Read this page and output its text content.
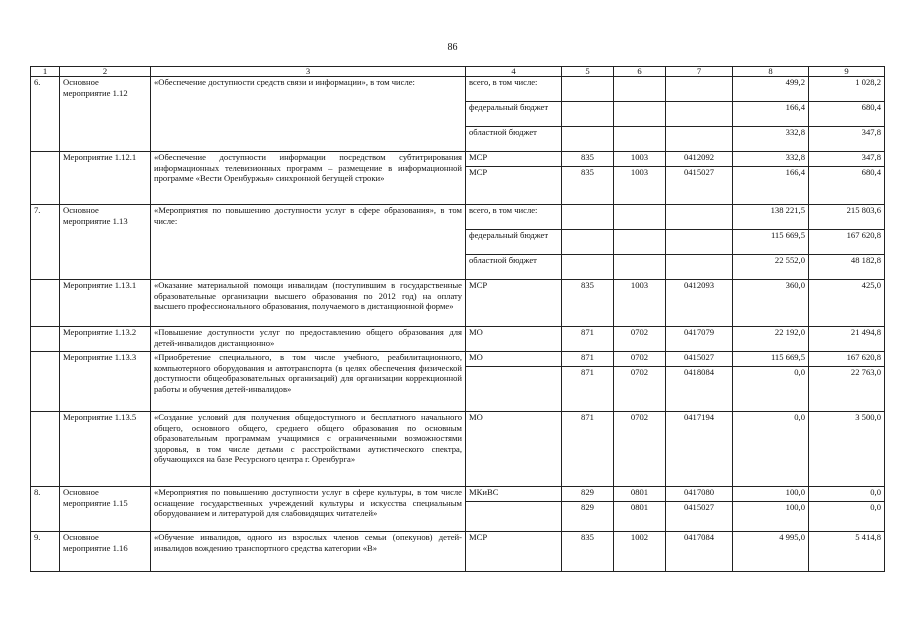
86
1	2	3	4	5	6	7	8	9
6.	Основное мероприятие 1.12	«Обеспечение доступности средств связи и информации», в том числе:	всего, в том числе:				499,2	1 028,2
			федеральный бюджет				166,4	680,4
			областной бюджет				332,8	347,8
	Мероприятие 1.12.1	«Обеспечение доступности информации посредством субтитрирования информационных телевизионных программ – размещение в информационной программе «Вести Оренбуржья» синхронной бегущей строки»	МСР	835	1003	0412092	332,8	347,8
			МСР	835	1003	0415027	166,4	680,4
7.	Основное мероприятие 1.13	«Мероприятия по повышению доступности услуг в сфере образования», в том числе:	всего, в том числе:				138 221,5	215 803,6
			федеральный бюджет				115 669,5	167 620,8
			областной бюджет				22 552,0	48 182,8
	Мероприятие 1.13.1	«Оказание материальной помощи инвалидам (поступившим в государственные образовательные организации высшего образования по 2012 год) на оплату высшего профессионального образования, получаемого в дистанционной форме»	МСР	835	1003	0412093	360,0	425,0
	Мероприятие 1.13.2	«Повышение доступности услуг по предоставлению общего образования для детей-инвалидов дистанционно»	МО	871	0702	0417079	22 192,0	21 494,8
	Мероприятие 1.13.3	«Приобретение специального, в том числе учебного, реабилитационного, компьютерного оборудования и автотранспорта (в целях обеспечения физической доступности общеобразовательных организаций) для организации коррекционной работы и обучения детей-инвалидов»	МО	871	0702	0415027	115 669,5	167 620,8
				871	0702	0418084	0,0	22 763,0
	Мероприятие 1.13.5	«Создание условий для получения общедоступного и бесплатного начального общего, основного общего, среднего общего образования по основным образовательным программам учащимися с ограниченными возможностями здоровья, в том числе детьми с расстройствами аутистического спектра, обучающихся на базе Ресурсного центра г. Оренбурга»	МО	871	0702	0417194	0,0	3 500,0
8.	Основное мероприятие 1.15	«Мероприятия по повышению доступности услуг в сфере культуры, в том числе оснащение государственных учреждений культуры и искусства специальным оборудованием и литературой для слабовидящих читателей»	МКиВС	829	0801	0417080	100,0	0,0
				829	0801	0415027	100,0	0,0
9.	Основное мероприятие 1.16	«Обучение инвалидов, одного из взрослых членов семьи (опекунов) детей-инвалидов вождению транспортного средства категории «В»	МСР	835	1002	0417084	4 995,0	5 414,8
